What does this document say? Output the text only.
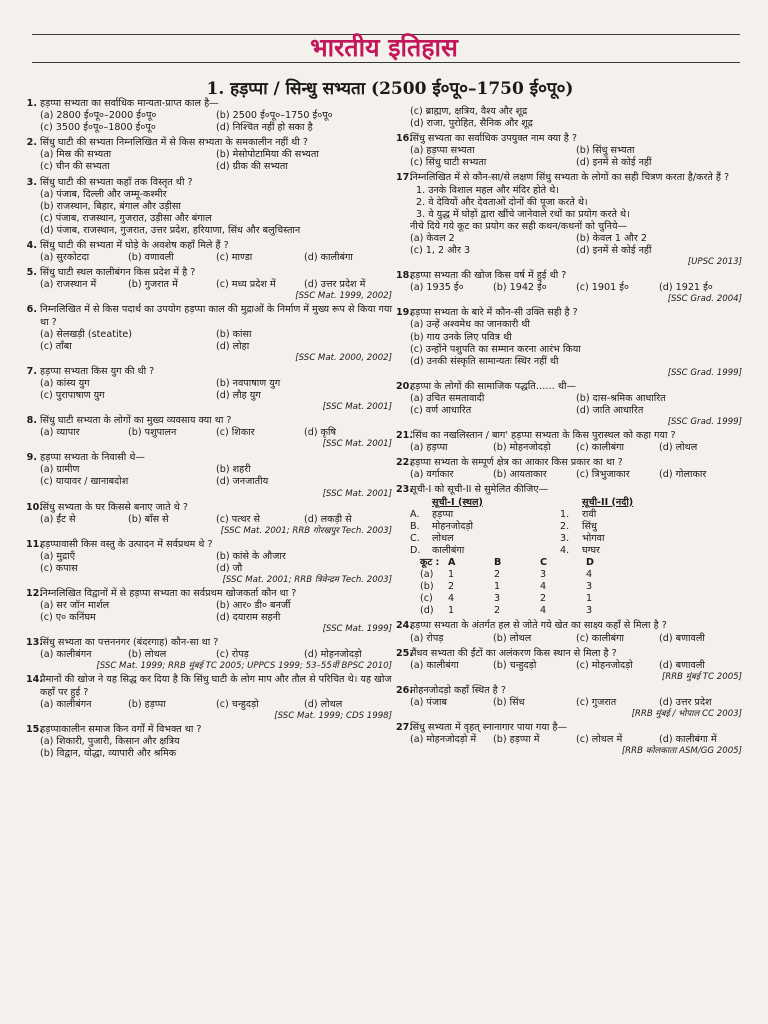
भारतीय इतिहास
1. हड़प्पा / सिन्धु सभ्यता (2500 ई०पू०–1750 ई०पू०)
1. हड़प्पा सभ्यता का सर्वाधिक मान्यता-प्राप्त काल है—
(a) 2800 ई०पू०–2000 ई०पू०	(b) 2500 ई०पू०–1750 ई०पू०
(c) 3500 ई०पू०–1800 ई०पू०	(d) निश्चित नहीं हो सका है
2. सिंधु घाटी की सभ्यता निम्नलिखित में से किस सभ्यता के समकालीन नहीं थी ?
(a) मिस्र की सभ्यता	(b) मेसोपोटामिया की सभ्यता
(c) चीन की सभ्यता	(d) ग्रीक की सभ्यता
3. सिंधु घाटी की सभ्यता कहाँ तक विस्तृत थी ?
(a) पंजाब, दिल्ली और जम्मू-कश्मीर
(b) राजस्थान, बिहार, बंगाल और उड़ीसा
(c) पंजाब, राजस्थान, गुजरात, उड़ीसा और बंगाल
(d) पंजाब, राजस्थान, गुजरात, उत्तर प्रदेश, हरियाणा, सिंध और बलुचिस्तान
4. सिंधु घाटी की सभ्यता में घोड़े के अवशेष कहाँ मिले हैं ?
(a) सुरकोटदा	(b) वणावली	(c) माण्डा	(d) कालीबंगा
5. सिंधु घाटी स्थल कालीबंगन किस प्रदेश में है ?
(a) राजस्थान में	(b) गुजरात में	(c) मध्य प्रदेश में	(d) उत्तर प्रदेश में
[SSC Mat. 1999, 2002]
6. निम्नलिखित में से किस पदार्थ का उपयोग हड़प्पा काल की मुद्राओं के निर्माण में मुख्य रूप से किया गया था ?
(a) सेलखड़ी (steatite)	(b) कांसा
(c) ताँबा	(d) लोहा
[SSC Mat. 2000, 2002]
7. हड़प्पा सभ्यता किस युग की थी ?
(a) कांस्य युग	(b) नवपाषाण युग
(c) पुरापाषाण युग	(d) लौह युग
[SSC Mat. 2001]
8. सिंधु घाटी सभ्यता के लोगों का मुख्य व्यवसाय क्या था ?
(a) व्यापार	(b) पशुपालन	(c) शिकार	(d) कृषि
[SSC Mat. 2001]
9. हड़प्पा सभ्यता के निवासी थे—
(a) ग्रामीण	(b) शहरी
(c) यायावर / खानाबदोश	(d) जनजातीय
[SSC Mat. 2001]
10.
सिंधु सभ्यता के घर किससे बनाए जाते थे ?
(a) ईंट से	(b) बाँस से	(c) पत्थर से	(d) लकड़ी से
[SSC Mat. 2001; RRB गोरखपुर Tech. 2003]
11.
हड़प्पावासी किस वस्तु के उत्पादन में सर्वप्रथम थे ?
(a) मुद्राएँ	(b) कांसे के औजार
(c) कपास	(d) जौ
[SSC Mat. 2001; RRB त्रिवेन्द्रम Tech. 2003]
12.
निम्नलिखित विद्वानों में से हड़प्पा सभ्यता का सर्वप्रथम खोजकर्ता कौन था ?
(a) सर जॉन मार्शल	(b) आर० डी० बनर्जी
(c) ए० कनिंघम	(d) दयाराम सहनी
[SSC Mat. 1999]
13.
सिंधु सभ्यता का पत्तननगर (बंदरगाह) कौन-सा था ?
(a) कालीबंगन	(b) लोथल	(c) रोपड़	(d) मोहनजोदड़ो
[SSC Mat. 1999; RRB मुंबई TC 2005; UPPCS 1999; 53–55वीं BPSC 2010]
14.
पैमानों की खोज ने यह सिद्ध कर दिया है कि सिंधु घाटी के लोग माप और तौल से परिचित थे। यह खोज कहाँ पर हुई ?
(a) कालीबंगन	(b) हड़प्पा	(c) चन्हुदड़ो	(d) लोथल
[SSC Mat. 1999; CDS 1998]
15.
हड़प्पाकालीन समाज किन वर्गों में विभक्त था ?
(a) शिकारी, पुजारी, किसान और क्षत्रिय
(b) विद्वान, योद्धा, व्यापारी और श्रमिक
(c) ब्राह्मण, क्षत्रिय, वैश्य और शूद्र
(d) राजा, पुरोहित, सैनिक और शूद्र
16.
सिंधु सभ्यता का सर्वाधिक उपयुक्त नाम क्या है ?
(a) हड़प्पा सभ्यता	(b) सिंधु सभ्यता
(c) सिंधु घाटी सभ्यता	(d) इनमें से कोई नहीं
17.
निम्नलिखित में से कौन-सा/से लक्षण सिंधु सभ्यता के लोगों का सही चित्रण करता है/करते हैं ?
1. उनके विशाल महल और मंदिर होते थे।
2. वे देवियों और देवताओं दोनों की पूजा करते थे।
3. वे युद्ध में घोड़ों द्वारा खींचे जानेवाले रथों का प्रयोग करते थे।
नीचे दिये गये कूट का प्रयोग कर सही कथन/कथनों को चुनिये—
(a) केवल 2	(b) केवल 1 और 2
(c) 1, 2 और 3	(d) इनमें से कोई नहीं
[UPSC 2013]
18.
हड़प्पा सभ्यता की खोज किस वर्ष में हुई थी ?
(a) 1935 ई०	(b) 1942 ई०	(c) 1901 ई०	(d) 1921 ई०
[SSC Grad. 2004]
19.
हड़प्पा सभ्यता के बारे में कौन-सी उक्ति सही है ?
(a) उन्हें अश्वमेध का जानकारी थी
(b) गाय उनके लिए पवित्र थी
(c) उन्होंने पशुपति का सम्मान करना आरंभ किया
(d) उनकी संस्कृति सामान्यतः स्थिर नहीं थी
[SSC Grad. 1999]
20.
हड़प्पा के लोगों की सामाजिक पद्धति…… थी—
(a) उचित समतावादी	(b) दास-श्रमिक आधारित
(c) वर्ण आधारित	(d) जाति आधारित
[SSC Grad. 1999]
21.
'सिंध का नखलिस्तान / बाग' हड़प्पा सभ्यता के किस पुरास्थल को कहा गया ?
(a) हड़प्पा	(b) मोहनजोदड़ो	(c) कालीबंगा	(d) लोथल
22.
हड़प्पा सभ्यता के सम्पूर्ण क्षेत्र का आकार किस प्रकार का था ?
(a) वर्गाकार	(b) आयताकार	(c) त्रिभुजाकार	(d) गोलाकार
23.
सूची-I को सूची-II से सुमेलित कीजिए—
सूची-I (स्थल)	सूची-II (नदी)
A.	हड़प्पा	1.	रावी
B.	मोहनजोदड़ो	2.	सिंधु
C.	लोथल	3.	भोगवा
D.	कालीबंगा	4.	घग्घर
कूट : A	B	C	D
(a)	1	2	3	4
(b)	2	1	4	3
(c)	4	3	2	1
(d)	1	2	4	3
24.
हड़प्पा सभ्यता के अंतर्गत हल से जोते गये खेत का साक्ष्य कहाँ से मिला है ?
(a) रोपड़	(b) लोथल	(c) कालीबंगा	(d) बणावली
25.
सैंधव सभ्यता की ईंटों का अलंकरण किस स्थान से मिला है ?
(a) कालीबंगा	(b) चन्हुदड़ो	(c) मोहनजोदड़ो	(d) बणावली
[RRB मुंबई TC 2005]
26.
मोहनजोदड़ो कहाँ स्थित है ?
(a) पंजाब	(b) सिंध	(c) गुजरात	(d) उत्तर प्रदेश
[RRB मुंबई / भोपाल CC 2003]
27.
सिंधु सभ्यता में वृहत् स्नानागार पाया गया है—
(a) मोहनजोदड़ो में	(b) हड़प्पा में	(c) लोथल में	(d) कालीबंगा में
[RRB कोलकाता ASM/GG 2005]
